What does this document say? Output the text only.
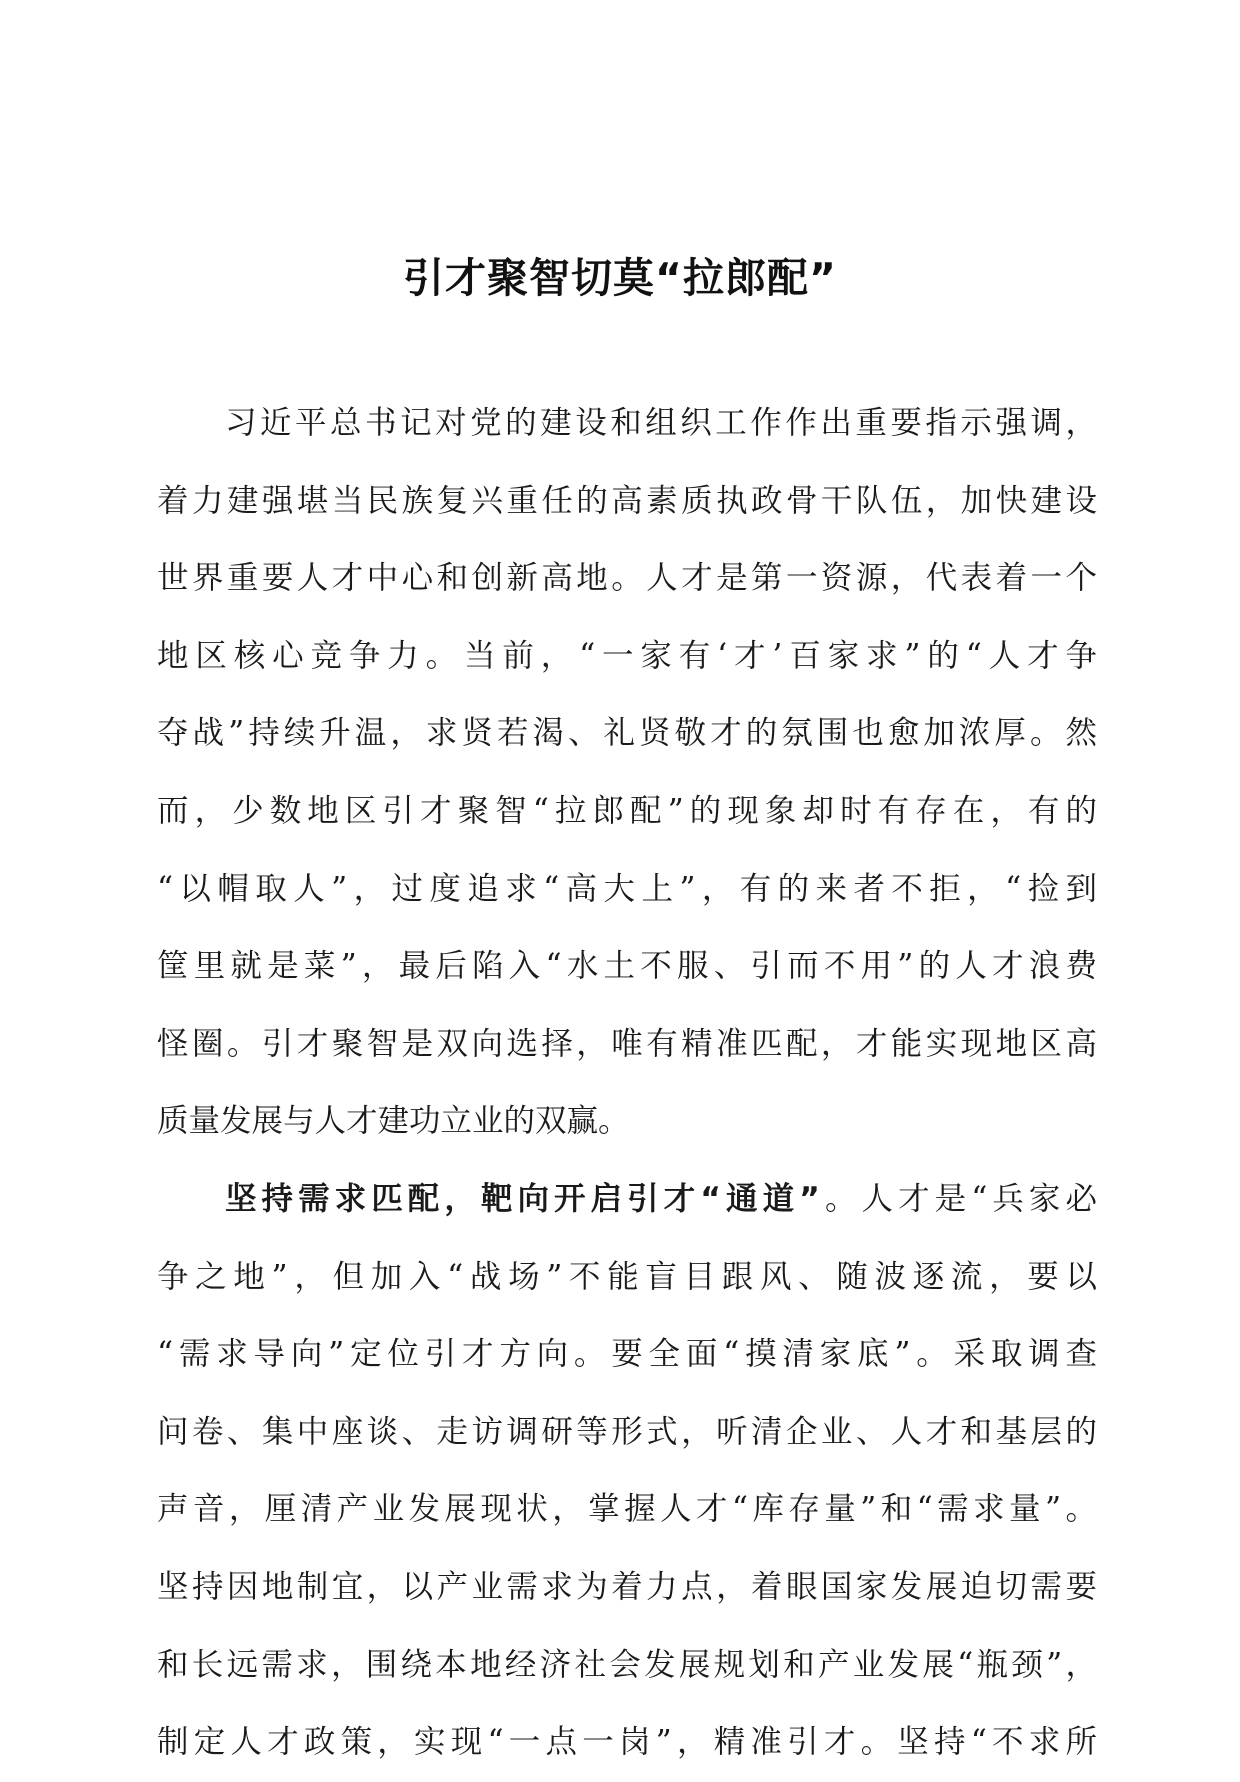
引才聚智切莫“拉郎配”
习近平总书记对党的建设和组织工作作出重要指示强调，
着力建强堪当民族复兴重任的高素质执政骨干队伍，加快建设
世界重要人才中心和创新高地。人才是第一资源，代表着一个
地区核心竞争力。当前，“一家有‘才’百家求”的“人才争
夺战”持续升温，求贤若渴、礼贤敬才的氛围也愈加浓厚。然
而，少数地区引才聚智“拉郎配”的现象却时有存在，有的
“以帽取人”，过度追求“高大上”，有的来者不拒，“捡到
筐里就是菜”，最后陷入“水土不服、引而不用”的人才浪费
怪圈。引才聚智是双向选择，唯有精准匹配，才能实现地区高
质量发展与人才建功立业的双赢。
坚持需求匹配，靶向开启引才“通道”。人才是“兵家必
争之地”，但加入“战场”不能盲目跟风、随波逐流，要以
“需求导向”定位引才方向。要全面“摸清家底”。采取调查
问卷、集中座谈、走访调研等形式，听清企业、人才和基层的
声音，厘清产业发展现状，掌握人才“库存量”和“需求量”。
坚持因地制宜，以产业需求为着力点，着眼国家发展迫切需要
和长远需求，围绕本地经济社会发展规划和产业发展“瓶颈”，
制定人才政策，实现“一点一岗”，精准引才。坚持“不求所
